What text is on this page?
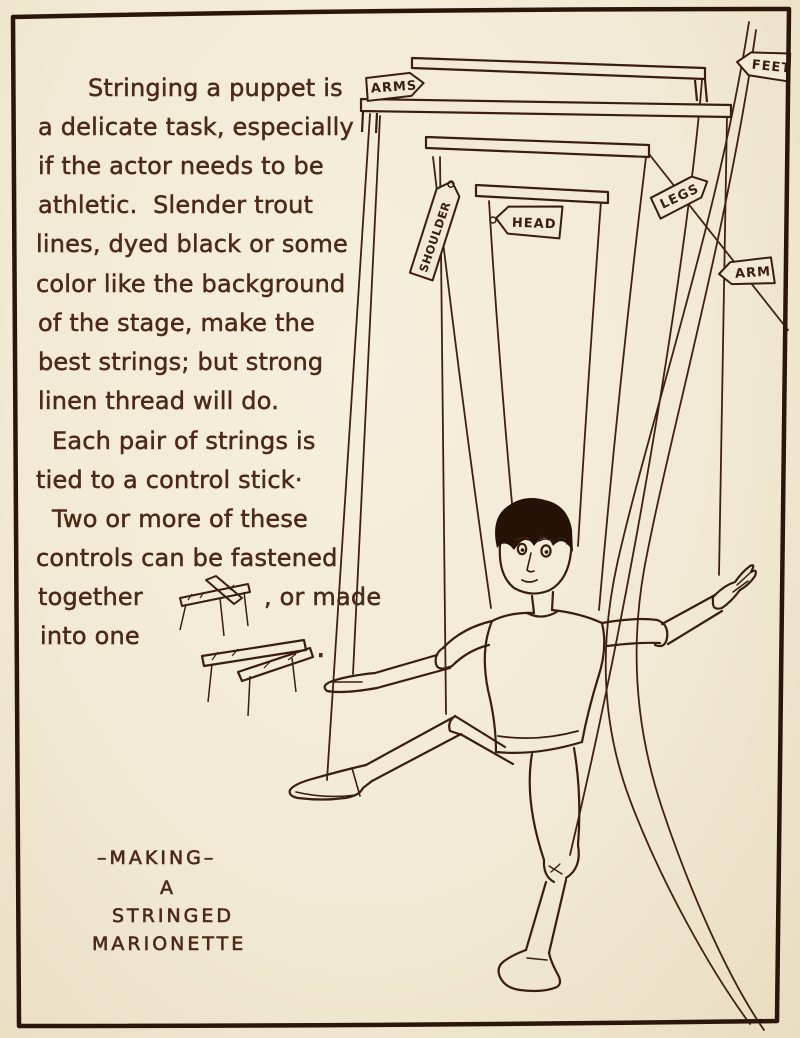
ARMS
FEET
SHOULDER	HEAD
LEGS
ARM
Stringing a puppet is
a delicate task, especially
if the actor needs to be
athletic.  Slender trout
lines, dyed black or some
color like the background
of the stage, make the
best strings; but strong
linen thread will do.
Each pair of strings is
tied to a control stick·
Two or more of these
controls can be fastened
together	, or made
into one	.
–MAKING–
A
STRINGED
MARIONETTE
